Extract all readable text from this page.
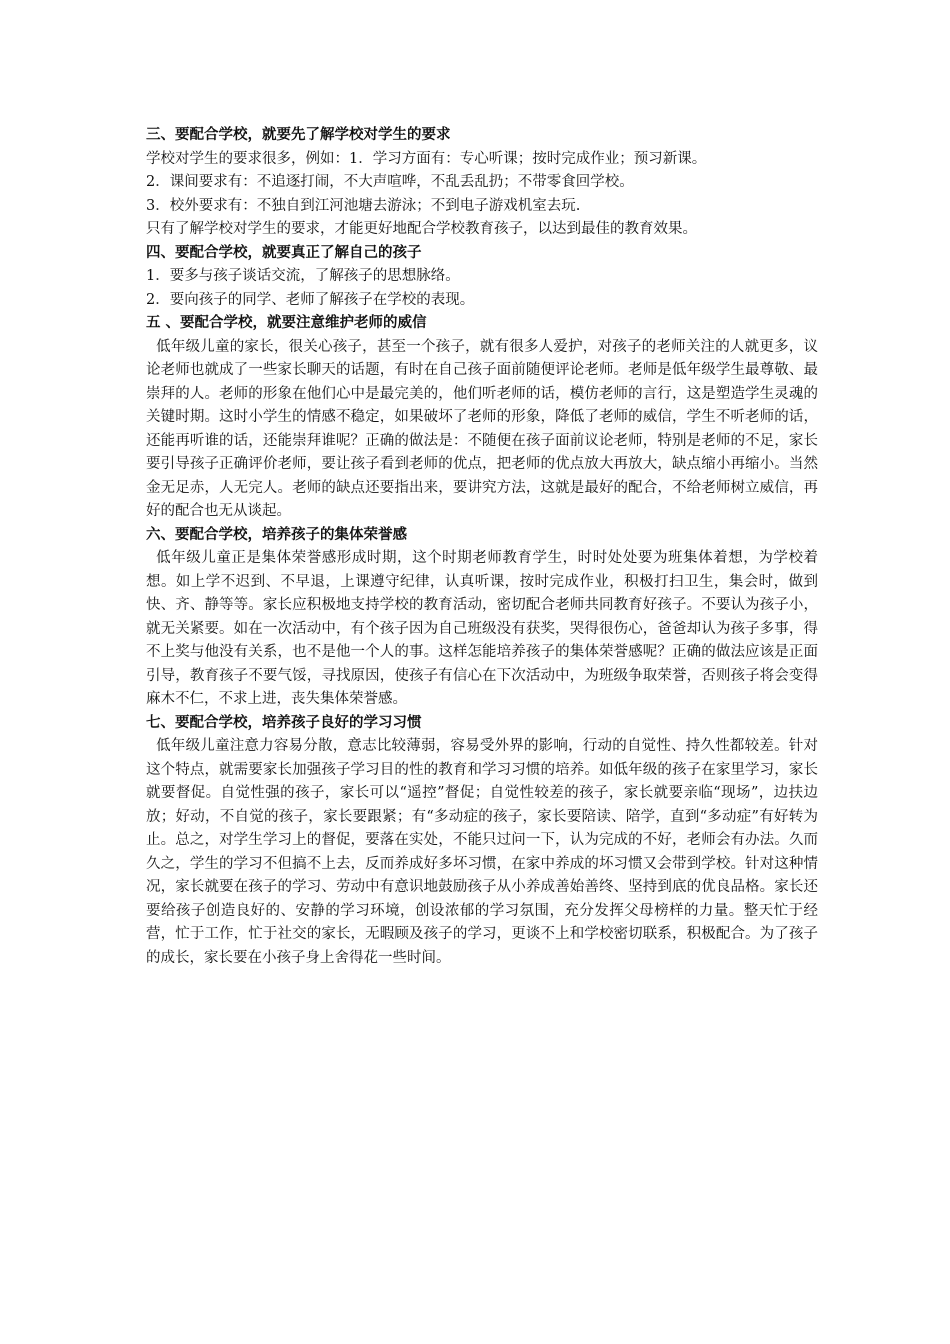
三、要配合学校，就要先了解学校对学生的要求

学校对学生的要求很多，例如：1．学习方面有：专心听课；按时完成作业；预习新课。

2．课间要求有：不追逐打闹，不大声喧哗，不乱丢乱扔；不带零食回学校。

3．校外要求有：不独自到江河池塘去游泳；不到电子游戏机室去玩.

只有了解学校对学生的要求，才能更好地配合学校教育孩子，以达到最佳的教育效果。

四、要配合学校，就要真正了解自己的孩子

1．要多与孩子谈话交流，了解孩子的思想脉络。

2．要向孩子的同学、老师了解孩子在学校的表现。

五 、要配合学校，就要注意维护老师的威信

低年级儿童的家长，很关心孩子，甚至一个孩子，就有很多人爱护，对孩子的老师关注的人就更多，议论老师也就成了一些家长聊天的话题，有时在自己孩子面前随便评论老师。老师是低年级学生最尊敬、最崇拜的人。老师的形象在他们心中是最完美的，他们听老师的话，模仿老师的言行，这是塑造学生灵魂的关键时期。这时小学生的情感不稳定，如果破坏了老师的形象，降低了老师的威信，学生不听老师的话，还能再听谁的话，还能崇拜谁呢？正确的做法是：不随便在孩子面前议论老师，特别是老师的不足，家长要引导孩子正确评价老师，要让孩子看到老师的优点，把老师的优点放大再放大，缺点缩小再缩小。当然金无足赤，人无完人。老师的缺点还要指出来，要讲究方法，这就是最好的配合，不给老师树立威信，再好的配合也无从谈起。

六、要配合学校，培养孩子的集体荣誉感

低年级儿童正是集体荣誉感形成时期，这个时期老师教育学生，时时处处要为班集体着想，为学校着想。如上学不迟到、不早退，上课遵守纪律，认真听课，按时完成作业，积极打扫卫生，集会时，做到快、齐、静等等。家长应积极地支持学校的教育活动，密切配合老师共同教育好孩子。不要认为孩子小，就无关紧要。如在一次活动中，有个孩子因为自己班级没有获奖，哭得很伤心，爸爸却认为孩子多事，得不上奖与他没有关系，也不是他一个人的事。这样怎能培养孩子的集体荣誉感呢？正确的做法应该是正面引导，教育孩子不要气馁，寻找原因，使孩子有信心在下次活动中，为班级争取荣誉，否则孩子将会变得麻木不仁，不求上进，丧失集体荣誉感。

七、要配合学校，培养孩子良好的学习习惯

低年级儿童注意力容易分散，意志比较薄弱，容易受外界的影响，行动的自觉性、持久性都较差。针对这个特点，就需要家长加强孩子学习目的性的教育和学习习惯的培养。如低年级的孩子在家里学习，家长就要督促。自觉性强的孩子，家长可以“遥控”督促；自觉性较差的孩子，家长就要亲临“现场”，边扶边放；好动，不自觉的孩子，家长要跟紧；有“多动症的孩子，家长要陪读、陪学，直到“多动症”有好转为止。总之，对学生学习上的督促，要落在实处，不能只过问一下，认为完成的不好，老师会有办法。久而久之，学生的学习不但搞不上去，反而养成好多坏习惯，在家中养成的坏习惯又会带到学校。针对这种情况，家长就要在孩子的学习、劳动中有意识地鼓励孩子从小养成善始善终、坚持到底的优良品格。家长还要给孩子创造良好的、安静的学习环境，创设浓郁的学习氛围，充分发挥父母榜样的力量。整天忙于经营，忙于工作，忙于社交的家长，无暇顾及孩子的学习，更谈不上和学校密切联系，积极配合。为了孩子的成长，家长要在小孩子身上舍得花一些时间。
